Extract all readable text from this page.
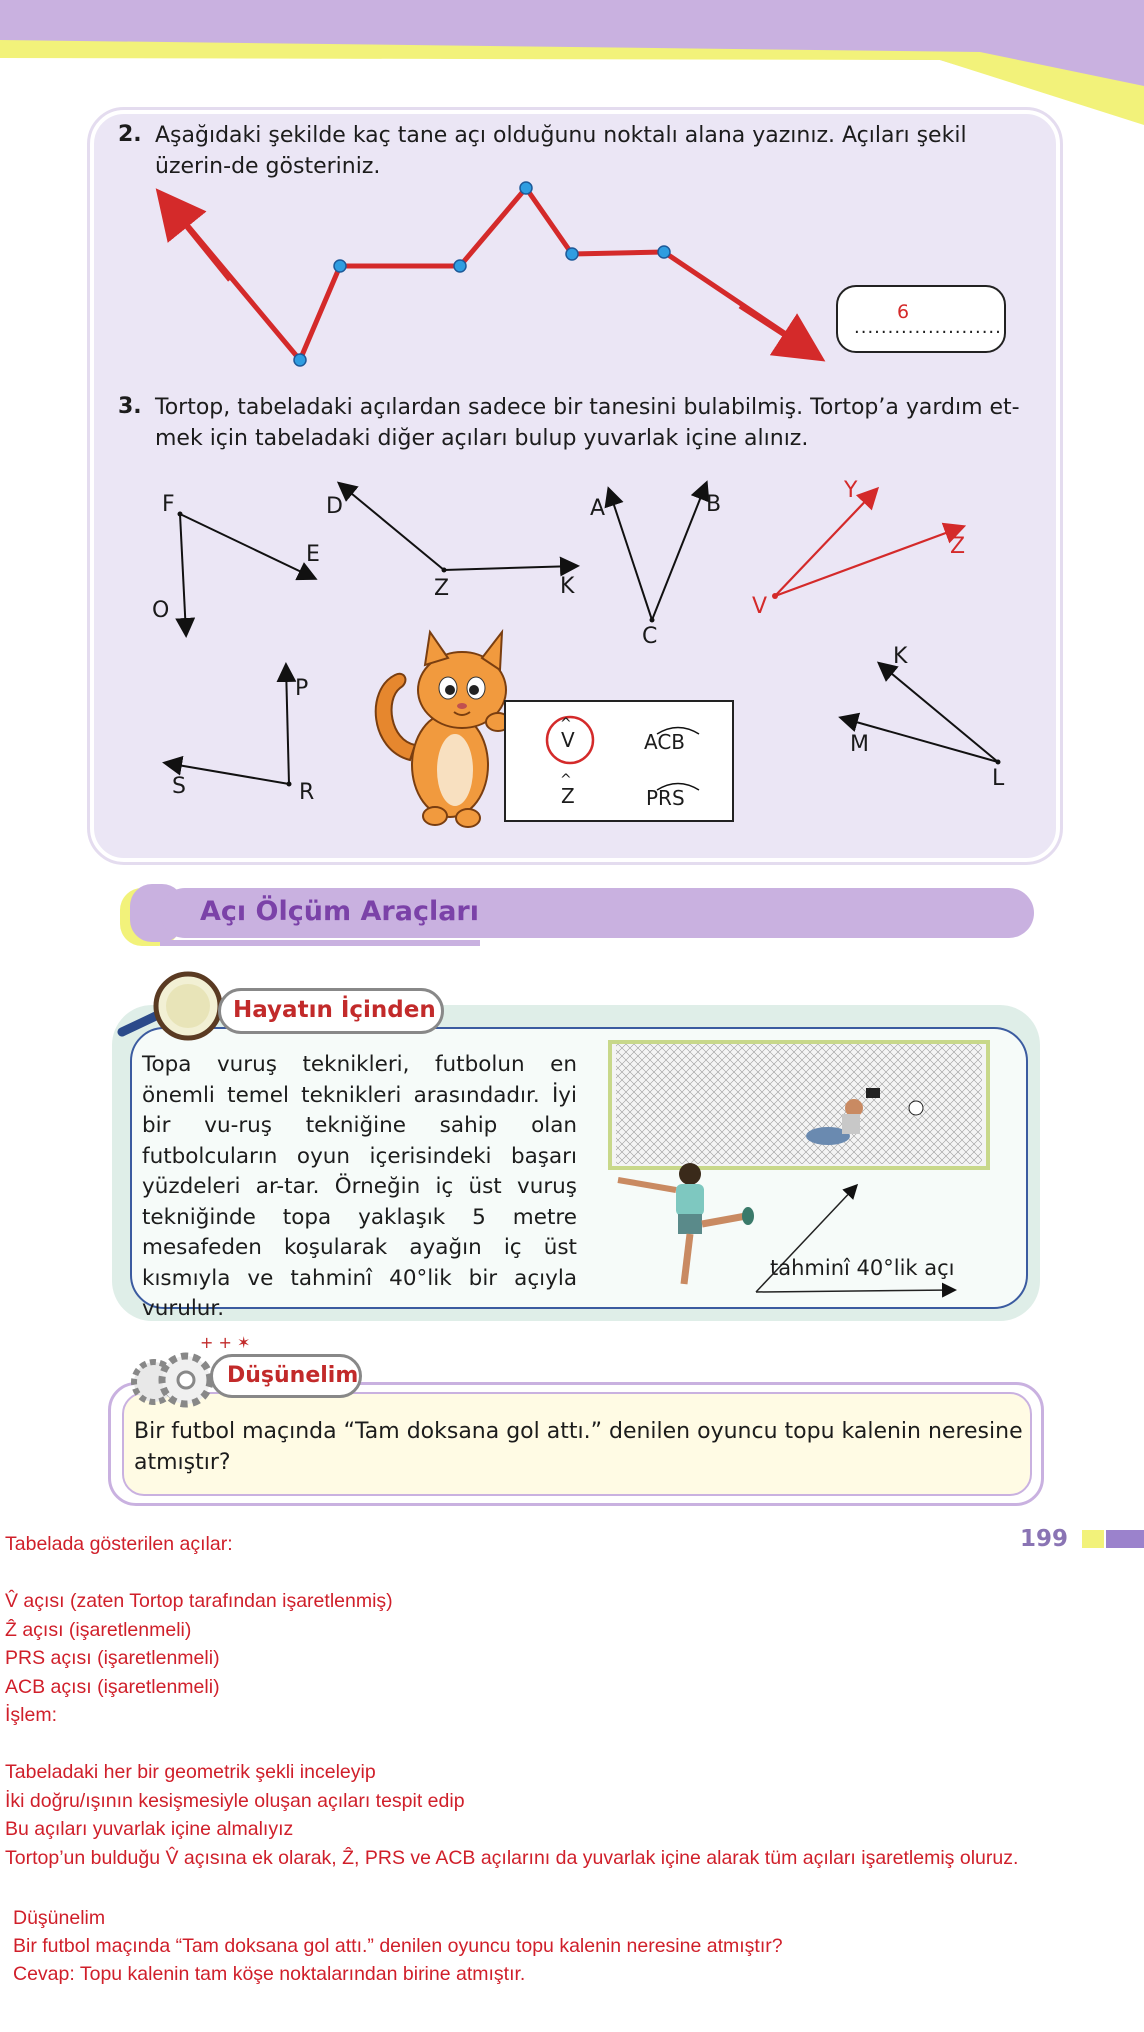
2. Aşağıdaki şekilde kaç tane açı olduğunu noktalı alana yazınız. Açıları şekil üzerin-de gösteriniz.
6
......................
3. Tortop, tabeladaki açılardan sadece bir tanesini bulabilmiş. Tortop’a yardım et-mek için tabeladaki diğer açıları bulup yuvarlak içine alınız.
F
E
O
D
Z	K
A	B
C
Y
Z
V
P
S	R
K
M
L
^
V	ACB
^
Z	PRS
Açı Ölçüm Araçları
Hayatın İçinden
Topa vuruş teknikleri, futbolun en önemli temel teknikleri arasındadır. İyi bir vu-ruş tekniğine sahip olan futbolcuların oyun içerisindeki başarı yüzdeleri ar-tar. Örneğin iç üst vuruş tekniğinde topa yaklaşık 5 metre mesafeden koşularak ayağın iç üst kısmıyla ve tahminî 40°lik bir açıyla vurulur.
tahminî 40°lik açı
+ + ✶
Düşünelim
Bir futbol maçında “Tam doksana gol attı.” denilen oyuncu topu kalenin neresine atmıştır?
199
Tabelada gösterilen açılar:
V̂ açısı (zaten Tortop tarafından işaretlenmiş)
Ẑ açısı (işaretlenmeli)
PRS açısı (işaretlenmeli)
ACB açısı (işaretlenmeli)
İşlem:
Tabeladaki her bir geometrik şekli inceleyip
İki doğru/ışının kesişmesiyle oluşan açıları tespit edip
Bu açıları yuvarlak içine almalıyız
Tortop’un bulduğu V̂ açısına ek olarak, Ẑ, PRS ve ACB açılarını da yuvarlak içine alarak tüm açıları işaretlemiş oluruz.
Düşünelim
Bir futbol maçında “Tam doksana gol attı.” denilen oyuncu topu kalenin neresine atmıştır?
Cevap: Topu kalenin tam köşe noktalarından birine atmıştır.
